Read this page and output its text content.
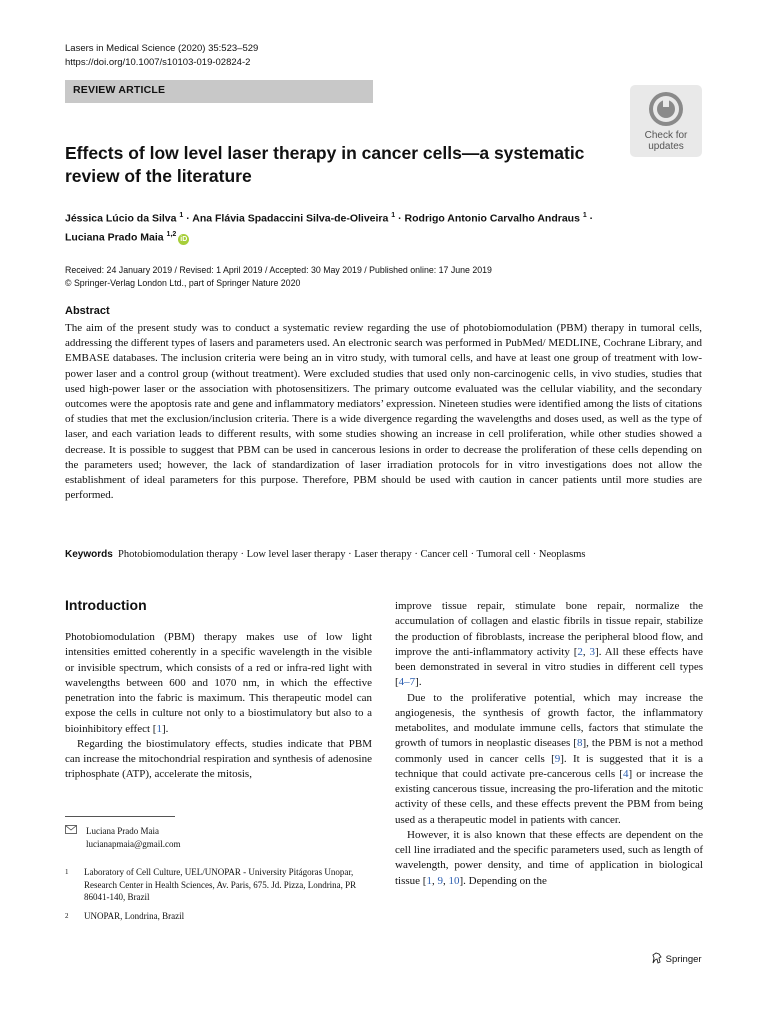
Lasers in Medical Science (2020) 35:523–529
https://doi.org/10.1007/s10103-019-02824-2
REVIEW ARTICLE
Check for
updates
Effects of low level laser therapy in cancer cells—a systematic review of the literature
Jéssica Lúcio da Silva $^1$ · Ana Flávia Spadaccini Silva-de-Oliveira $^1$ · Rodrigo Antonio Carvalho Andraus $^1$ ·
Luciana Prado Maia $^{1,2}$iD
Received: 24 January 2019 / Revised: 1 April 2019 / Accepted: 30 May 2019 / Published online: 17 June 2019
© Springer-Verlag London Ltd., part of Springer Nature 2020
Abstract
The aim of the present study was to conduct a systematic review regarding the use of photobiomodulation (PBM) therapy in tumoral cells, addressing the different types of lasers and parameters used. An electronic search was performed in PubMed/ MEDLINE, Cochrane Library, and EMBASE databases. The inclusion criteria were being an in vitro study, with tumoral cells, and have at least one group of treatment with low-power laser and a control group (without treatment). Were excluded studies that used only non-carcinogenic cells, in vivo studies, studies that used high-power laser or the association with photosensitizers. The primary outcome evaluated was the cellular viability, and the secondary outcomes were the apoptosis rate and gene and inflammatory mediators’ expression. Nineteen studies were identified among the lists of citations of studies that met the exclusion/inclusion criteria. There is a wide divergence regarding the wavelengths and doses used, as well as the type of laser, and each variation leads to different results, with some studies showing an increase in cell proliferation, while other studies showed a decrease. It is possible to suggest that PBM can be used in cancerous lesions in order to decrease the proliferation of these cells depending on the parameters used; however, the lack of standardization of laser irradiation protocols for in vitro investigations does not allow the establishment of ideal parameters for this purpose. Therefore, PBM should be used with caution in cancer patients until more studies are performed.
Keywords Photobiomodulation therapy · Low level laser therapy · Laser therapy · Cancer cell · Tumoral cell · Neoplasms
Introduction

Photobiomodulation (PBM) therapy makes use of low light intensities emitted coherently in a specific wavelength in the visible or invisible spectrum, which consists of a red or infra-red light with wavelengths between 600 and 1070 nm, in which the effective penetration into the fabric is maximum. This therapeutic model can expose the cells in culture not only to a biostimulatory but also to a bioinhibitory effect [1].

Regarding the biostimulatory effects, studies indicate that PBM can increase the mitochondrial respiration and synthesis of adenosine triphosphate (ATP), accelerate the mitosis,

Luciana Prado Maia
lucianapmaia@gmail.com
1 Laboratory of Cell Culture, UEL/UNOPAR - University Pitágoras Unopar, Research Center in Health Sciences, Av. Paris, 675. Jd. Pizza, Londrina, PR 86041-140, Brazil
2 UNOPAR, Londrina, Brazil

improve tissue repair, stimulate bone repair, normalize the accumulation of collagen and elastic fibrils in tissue repair, stabilize the production of fibroblasts, increase the peripheral blood flow, and improve the anti-inflammatory activity [2, 3]. All these effects have been demonstrated in several in vitro studies in different cell types [4–7].

Due to the proliferative potential, which may increase the angiogenesis, the synthesis of growth factor, the inflammatory metabolites, and modulate immune cells, factors that stimulate the growth of tumors in neoplastic diseases [8], the PBM is not a method commonly used in cancer cells [9]. It is suggested that it is a technique that could activate pre-cancerous cells [4] or increase the existing cancerous tissue, increasing the pro-liferation and the mitotic activity of these cells, and these effects prevent the PBM from being used as a therapeutic model in patients with cancer.

However, it is also known that these effects are dependent on the cell line irradiated and the specific parameters used, such as length of wavelength, power density, and time of application in biological tissue [1, 9, 10]. Depending on the

Springer
